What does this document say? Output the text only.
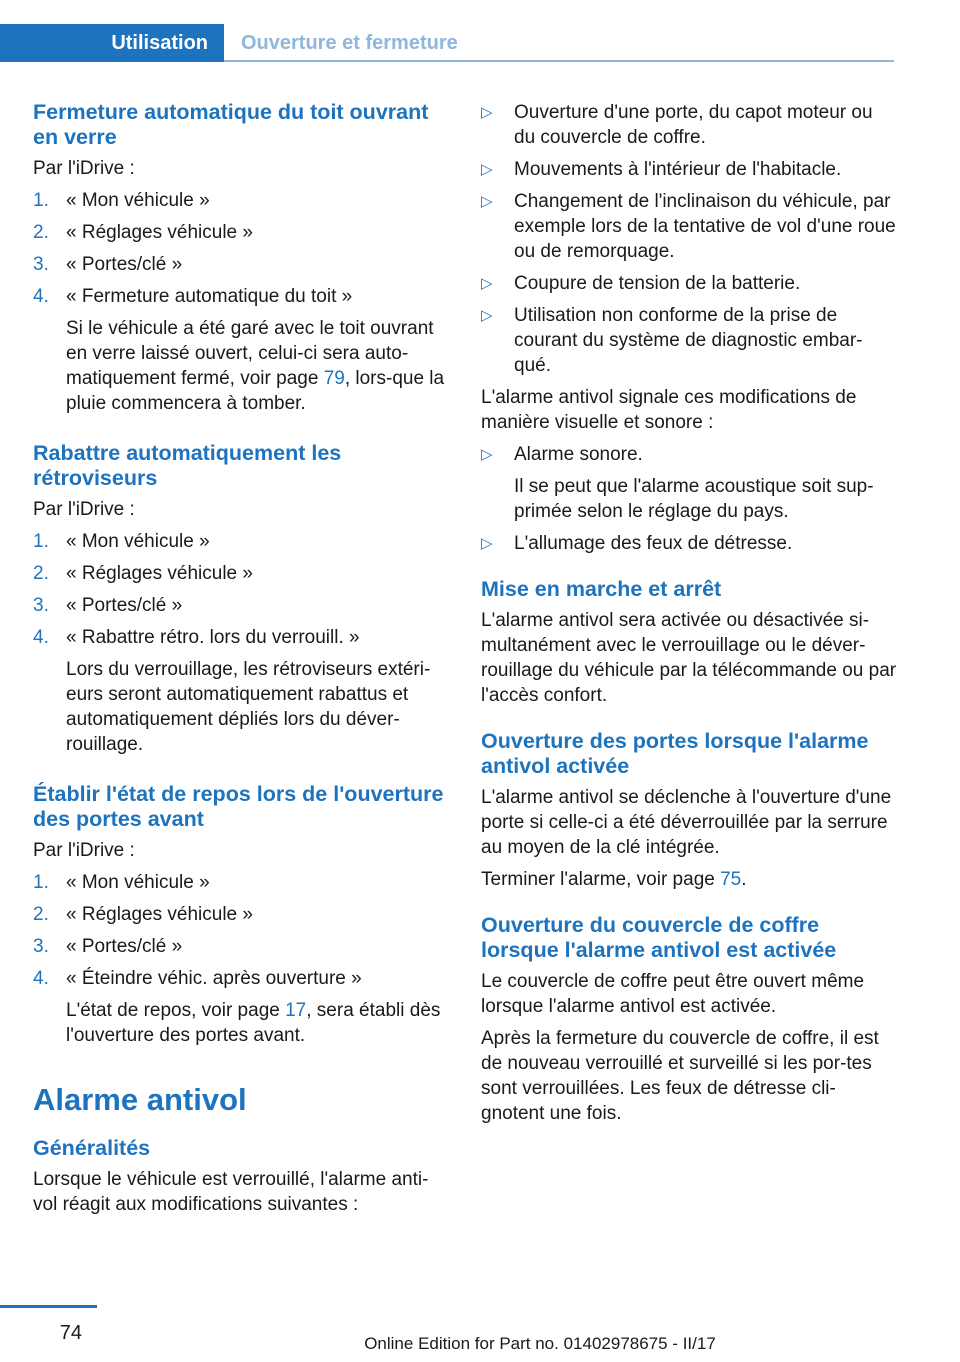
Utilisation	Ouverture et fermeture
Fermeture automatique du toit ouvrant en verre
Par l'iDrive :
1. « Mon véhicule »
2. « Réglages véhicule »
3. « Portes/clé »
4. « Fermeture automatique du toit »
Si le véhicule a été garé avec le toit ouvrant en verre laissé ouvert, celui-ci sera auto-matiquement fermé, voir page 79, lors-que la pluie commencera à tomber.
Rabattre automatiquement les rétroviseurs
Par l'iDrive :
1. « Mon véhicule »
2. « Réglages véhicule »
3. « Portes/clé »
4. « Rabattre rétro. lors du verrouill. »
Lors du verrouillage, les rétroviseurs extéri-eurs seront automatiquement rabattus et automatiquement dépliés lors du déver-rouillage.
Établir l'état de repos lors de l'ouverture des portes avant
Par l'iDrive :
1. « Mon véhicule »
2. « Réglages véhicule »
3. « Portes/clé »
4. « Éteindre véhic. après ouverture »
L'état de repos, voir page 17, sera établi dès l'ouverture des portes avant.
Alarme antivol
Généralités
Lorsque le véhicule est verrouillé, l'alarme anti-vol réagit aux modifications suivantes :
▷ Ouverture d'une porte, du capot moteur ou du couvercle de coffre.
▷ Mouvements à l'intérieur de l'habitacle.
▷ Changement de l'inclinaison du véhicule, par exemple lors de la tentative de vol d'une roue ou de remorquage.
▷ Coupure de tension de la batterie.
▷ Utilisation non conforme de la prise de courant du système de diagnostic embar-qué.
L'alarme antivol signale ces modifications de manière visuelle et sonore :
▷ Alarme sonore.
Il se peut que l'alarme acoustique soit sup-primée selon le réglage du pays.
▷ L'allumage des feux de détresse.
Mise en marche et arrêt
L'alarme antivol sera activée ou désactivée si-multanément avec le verrouillage ou le déver-rouillage du véhicule par la télécommande ou par l'accès confort.
Ouverture des portes lorsque l'alarme antivol activée
L'alarme antivol se déclenche à l'ouverture d'une porte si celle-ci a été déverrouillée par la serrure au moyen de la clé intégrée.
Terminer l'alarme, voir page 75.
Ouverture du couvercle de coffre lorsque l'alarme antivol est activée
Le couvercle de coffre peut être ouvert même lorsque l'alarme antivol est activée.
Après la fermeture du couvercle de coffre, il est de nouveau verrouillé et surveillé si les por-tes sont verrouillées. Les feux de détresse cli-gnotent une fois.
74	Online Edition for Part no. 01402978675 - II/17
